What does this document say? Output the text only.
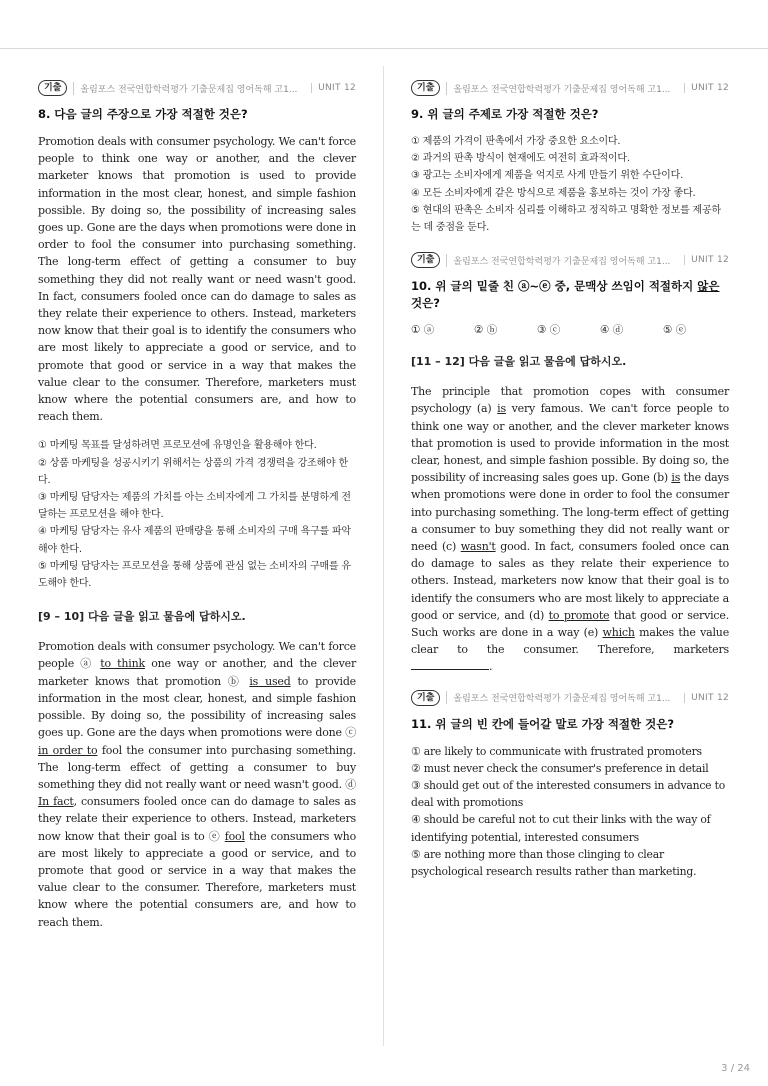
기출	올림포스 전국연합학력평가 기출문제집 영어독해 고1...	UNIT 12

8. 다음 글의 주장으로 가장 적절한 것은?

Promotion deals with consumer psychology. We can't force people to think one way or another, and the clever marketer knows that promotion is used to provide information in the most clear, honest, and simple fashion possible. By doing so, the possibility of increasing sales goes up. Gone are the days when promotions were done in order to fool the consumer into purchasing something. The long-term effect of getting a consumer to buy something they did not really want or need wasn't good. In fact, consumers fooled once can do damage to sales as they relate their experience to others. Instead, marketers now know that their goal is to identify the consumers who are most likely to appreciate a good or service, and to promote that good or service in a way that makes the value clear to the consumer. Therefore, marketers must know where the potential consumers are, and how to reach them.

① 마케팅 목표를 달성하려면 프로모션에 유명인을 활용해야 한다.
② 상품 마케팅을 성공시키기 위해서는 상품의 가격 경쟁력을 강조해야 한다.
③ 마케팅 담당자는 제품의 가치를 아는 소비자에게 그 가치를 분명하게 전달하는 프로모션을 해야 한다.
④ 마케팅 담당자는 유사 제품의 판매량을 통해 소비자의 구매 욕구를 파악해야 한다.
⑤ 마케팅 담당자는 프로모션을 통해 상품에 관심 없는 소비자의 구매를 유도해야 한다.
[9 – 10] 다음 글을 읽고 물음에 답하시오.

Promotion deals with consumer psychology. We can't force people ⓐ to think one way or another, and the clever marketer knows that promotion ⓑ is used to provide information in the most clear, honest, and simple fashion possible. By doing so, the possibility of increasing sales goes up. Gone are the days when promotions were done ⓒ in order to fool the consumer into purchasing something. The long-term effect of getting a consumer to buy something they did not really want or need wasn't good. ⓓ In fact, consumers fooled once can do damage to sales as they relate their experience to others. Instead, marketers now know that their goal is to ⓔ fool the consumers who are most likely to appreciate a good or service, and to promote that good or service in a way that makes the value clear to the consumer. Therefore, marketers must know where the potential consumers are, and how to reach them.

기출	올림포스 전국연합학력평가 기출문제집 영어독해 고1...	UNIT 12

9. 위 글의 주제로 가장 적절한 것은?

① 제품의 가격이 판촉에서 가장 중요한 요소이다.
② 과거의 판촉 방식이 현재에도 여전히 효과적이다.
③ 광고는 소비자에게 제품을 억지로 사게 만들기 위한 수단이다.
④ 모든 소비자에게 같은 방식으로 제품을 홍보하는 것이 가장 좋다.
⑤ 현대의 판촉은 소비자 심리를 이해하고 정직하고 명확한 정보를 제공하는 데 중점을 둔다.
기출	올림포스 전국연합학력평가 기출문제집 영어독해 고1...	UNIT 12

10. 위 글의 밑줄 친 ⓐ~ⓔ 중, 문맥상 쓰임이 적절하지 않은 것은?

① ⓐ	② ⓑ	③ ⓒ	④ ⓓ	⑤ ⓔ
[11 – 12] 다음 글을 읽고 물음에 답하시오.

The principle that promotion copes with consumer psychology (a) is very famous. We can't force people to think one way or another, and the clever marketer knows that promotion is used to provide information in the most clear, honest, and simple fashion possible. By doing so, the possibility of increasing sales goes up. Gone (b) is the days when promotions were done in order to fool the consumer into purchasing something. The long-term effect of getting a consumer to buy something they did not really want or need (c) wasn't good. In fact, consumers fooled once can do damage to sales as they relate their experience to others. Instead, marketers now know that their goal is to identify the consumers who are most likely to appreciate a good or service, and (d) to promote that good or service. Such works are done in a way (e) which makes the value clear to the consumer. Therefore, marketers .

기출	올림포스 전국연합학력평가 기출문제집 영어독해 고1...	UNIT 12

11. 위 글의 빈 칸에 들어갈 말로 가장 적절한 것은?

① are likely to communicate with frustrated promoters
② must never check the consumer's preference in detail
③ should get out of the interested consumers in advance to deal with promotions
④ should be careful not to cut their links with the way of identifying potential, interested consumers
⑤ are nothing more than those clinging to clear psychological research results rather than marketing.
3 / 24
